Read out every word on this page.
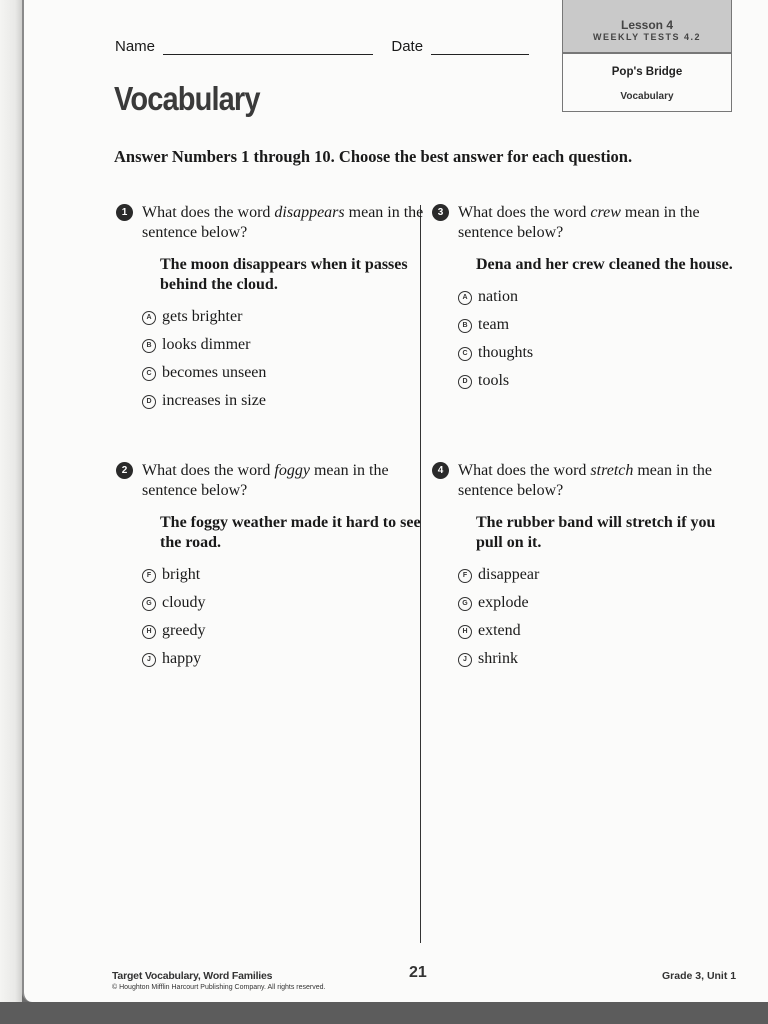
Name	Date
Lesson 4
WEEKLY TESTS 4.2
Pop's Bridge
Vocabulary
Vocabulary
Answer Numbers 1 through 10. Choose the best answer for each question.
1 What does the word disappears mean in the sentence below?
The moon disappears when it passes behind the cloud.
A gets brighter
B looks dimmer
C becomes unseen
D increases in size
2 What does the word foggy mean in the sentence below?
The foggy weather made it hard to see the road.
F bright
G cloudy
H greedy
J happy
3 What does the word crew mean in the sentence below?
Dena and her crew cleaned the house.
A nation
B team
C thoughts
D tools
4 What does the word stretch mean in the sentence below?
The rubber band will stretch if you pull on it.
F disappear
G explode
H extend
J shrink
Target Vocabulary, Word Families
© Houghton Mifflin Harcourt Publishing Company. All rights reserved.
21	Grade 3, Unit 1
